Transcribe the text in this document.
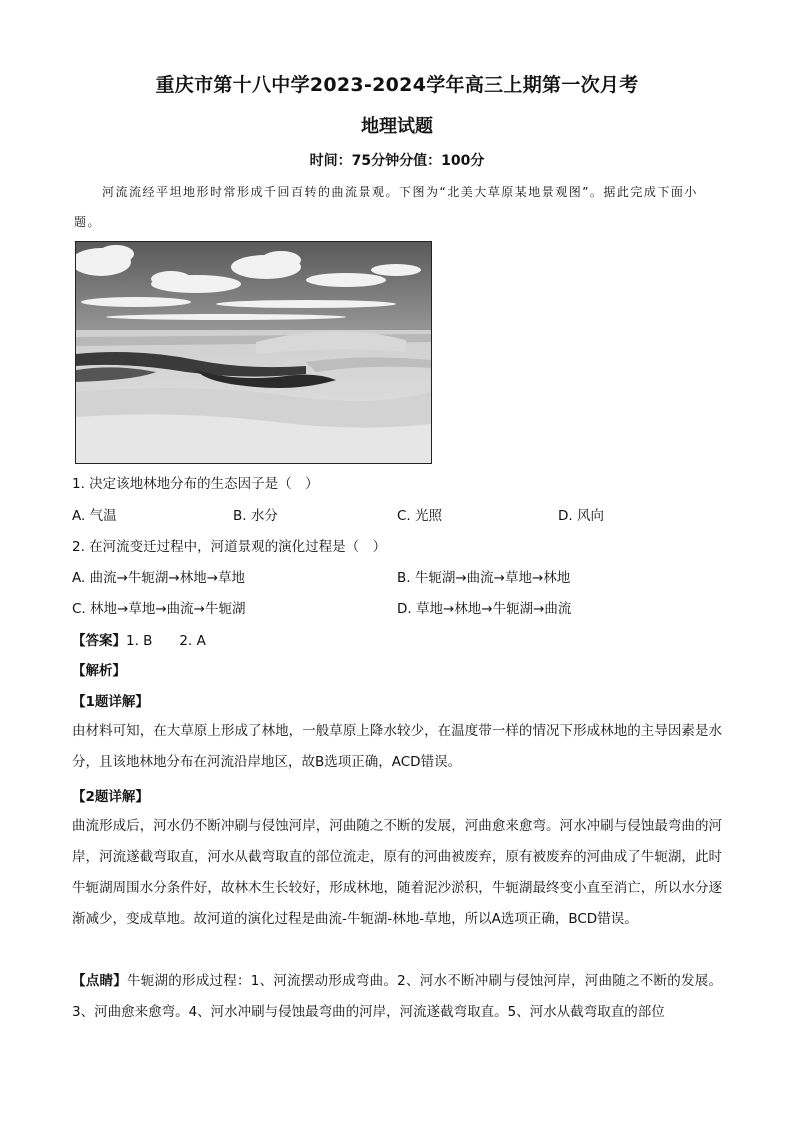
重庆市第十八中学2023-2024学年高三上期第一次月考
地理试题
时间：75分钟分值：100分
河流流经平坦地形时常形成千回百转的曲流景观。下图为“北美大草原某地景观图”。据此完成下面小题。
1. 决定该地林地分布的生态因子是（　）
A. 气温	B. 水分	C. 光照	D. 风向
2. 在河流变迁过程中，河道景观的演化过程是（　）
A. 曲流→牛轭湖→林地→草地	B. 牛轭湖→曲流→草地→林地
C. 林地→草地→曲流→牛轭湖	D. 草地→林地→牛轭湖→曲流
【答案】1. B　　2. A
【解析】
【1题详解】
由材料可知，在大草原上形成了林地，一般草原上降水较少，在温度带一样的情况下形成林地的主导因素是水分，且该地林地分布在河流沿岸地区，故B选项正确，ACD错误。
【2题详解】
曲流形成后，河水仍不断冲刷与侵蚀河岸，河曲随之不断的发展，河曲愈来愈弯。河水冲刷与侵蚀最弯曲的河岸，河流遂截弯取直，河水从截弯取直的部位流走，原有的河曲被废弃，原有被废弃的河曲成了牛轭湖，此时牛轭湖周围水分条件好，故林木生长较好，形成林地，随着泥沙淤积，牛轭湖最终变小直至消亡，所以水分逐渐减少，变成草地。故河道的演化过程是曲流-牛轭湖-林地-草地，所以A选项正确，BCD错误。
【点睛】牛轭湖的形成过程：1、河流摆动形成弯曲。2、河水不断冲刷与侵蚀河岸，河曲随之不断的发展。3、河曲愈来愈弯。4、河水冲刷与侵蚀最弯曲的河岸，河流遂截弯取直。5、河水从截弯取直的部位
